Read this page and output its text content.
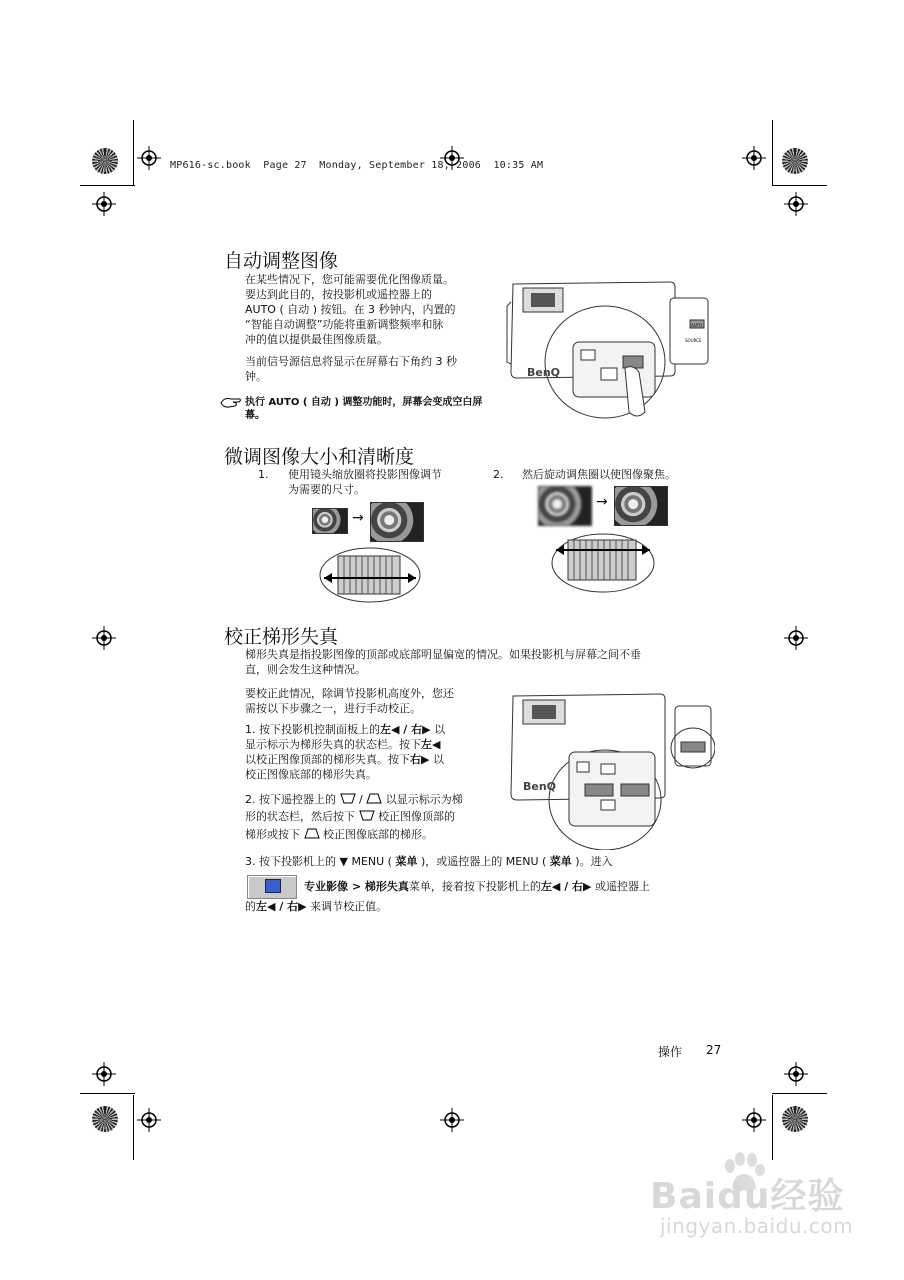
MP616-sc.book  Page 27  Monday, September 18, 2006  10:35 AM
自动调整图像
在某些情况下，您可能需要优化图像质量。
要达到此目的，按投影机或遥控器上的
AUTO ( 自动 ) 按钮。在 3 秒钟内，内置的
“智能自动调整”功能将重新调整频率和脉
冲的值以提供最佳图像质量。
当前信号源信息将显示在屏幕右下角约 3 秒
钟。
执行 AUTO ( 自动 ) 调整功能时，屏幕会变成空白屏
幕。
BenQ
AUTO
SOURCE
微调图像大小和清晰度
1. 使用镜头缩放圈将投影图像调节
为需要的尺寸。
2. 然后旋动调焦圈以使图像聚焦。
→
→
校正梯形失真
梯形失真是指投影图像的顶部或底部明显偏宽的情况。如果投影机与屏幕之间不垂
直，则会发生这种情况。
要校正此情况，除调节投影机高度外，您还
需按以下步骤之一，进行手动校正。
1. 按下投影机控制面板上的左◀ / 右▶ 以
显示标示为梯形失真的状态栏。按下左◀
以校正图像顶部的梯形失真。按下右▶ 以
校正图像底部的梯形失真。
2. 按下遥控器上的 / 以显示标示为梯
形的状态栏，然后按下 校正图像顶部的
梯形或按下 校正图像底部的梯形。
BenQ
3. 按下投影机上的 ▼ MENU ( 菜单 )，或遥控器上的 MENU ( 菜单 )。进入
专业影像 > 梯形失真菜单，接着按下投影机上的左◀ / 右▶ 或遥控器上
的左◀ / 右▶ 来调节校正值。
操作 27
Baidu经验
jingyan.baidu.com
